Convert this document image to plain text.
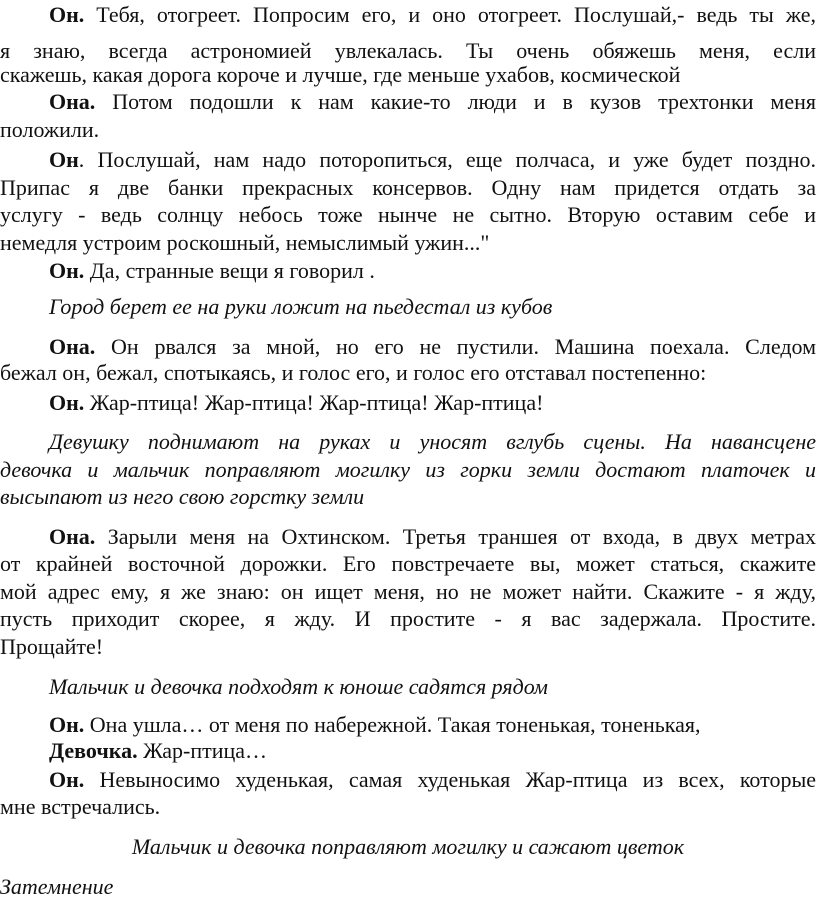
Он. Тебя, отогреет. Попросим его, и оно отогреет. Послушай,- ведь ты же,
я знаю, всегда астрономией увлекалась. Ты очень обяжешь меня, если
скажешь, какая дорога короче и лучше, где меньше ухабов, космической
Она. Потом подошли к нам какие-то люди и в кузов трехтонки меня
положили.
Он. Послушай, нам надо поторопиться, еще полчаса, и уже будет поздно.
Припас я две банки прекрасных консервов. Одну нам придется отдать за
услугу - ведь солнцу небось тоже нынче не сытно. Вторую оставим себе и
немедля устроим роскошный, немыслимый ужин..."
Он. Да, странные вещи я говорил .
Город берет ее на руки ложит на пьедестал из кубов
Она. Он рвался за мной, но его не пустили. Машина поехала. Следом
бежал он, бежал, спотыкаясь, и голос его, и голос его отставал постепенно:
Он. Жар-птица! Жар-птица! Жар-птица! Жар-птица!
Девушку поднимают на руках и уносят вглубь сцены. На навансцене
девочка и мальчик поправляют могилку из горки земли достают платочек и
высыпают из него свою горстку земли
Она. Зарыли меня на Охтинском. Третья траншея от входа, в двух метрах
от крайней восточной дорожки. Его повстречаете вы, может статься, скажите
мой адрес ему, я же знаю: он ищет меня, но не может найти. Скажите - я жду,
пусть приходит скорее, я жду. И простите - я вас задержала. Простите.
Прощайте!
Мальчик и девочка подходят к юноше садятся рядом
Он. Она ушла… от меня по набережной. Такая тоненькая, тоненькая,
Девочка. Жар-птица…
Он. Невыносимо худенькая, самая худенькая Жар-птица из всех, которые
мне встречались.
Мальчик и девочка поправляют могилку и сажают цветок
Затемнение
